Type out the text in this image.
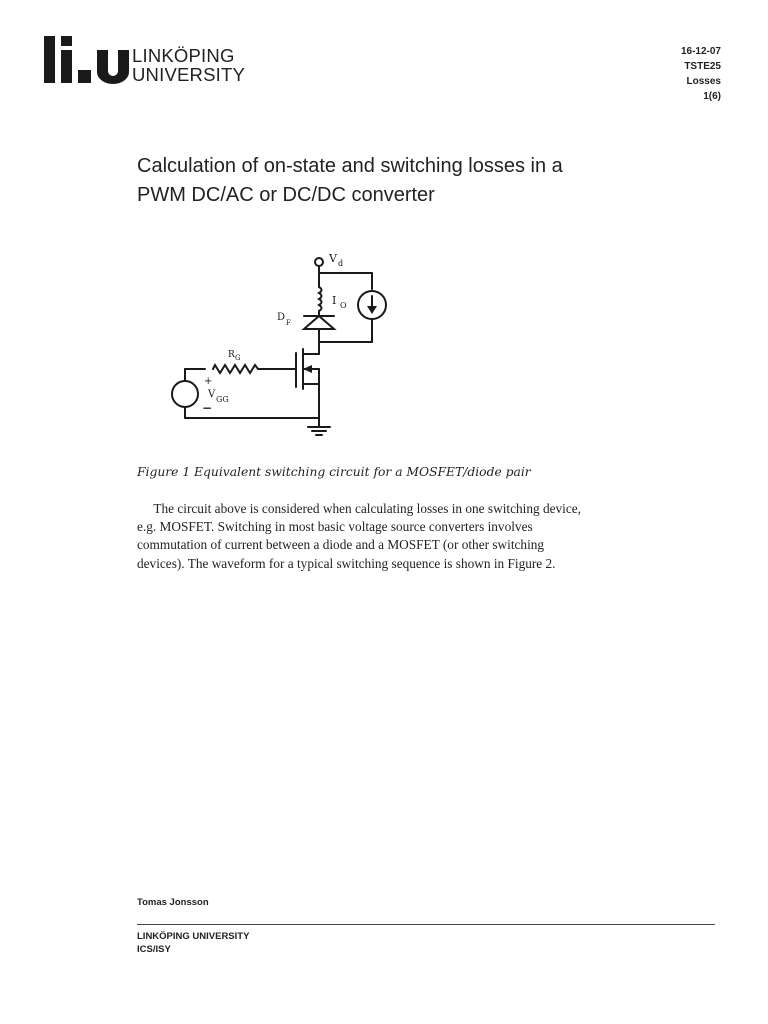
LINKÖPING
UNIVERSITY
16-12-07
TSTE25
Losses
1(6)
Calculation of on-state and switching losses in a
PWM DC/AC or DC/DC converter
V d
I O
D F
R G
+
V GG
−
Figure 1 Equivalent switching circuit for a MOSFET/diode pair
The circuit above is considered when calculating losses in one switching device,
e.g. MOSFET. Switching in most basic voltage source converters involves
commutation of current between a diode and a MOSFET (or other switching
devices). The waveform for a typical switching sequence is shown in Figure 2.
Tomas Jonsson
LINKÖPING UNIVERSITY
ICS/ISY
